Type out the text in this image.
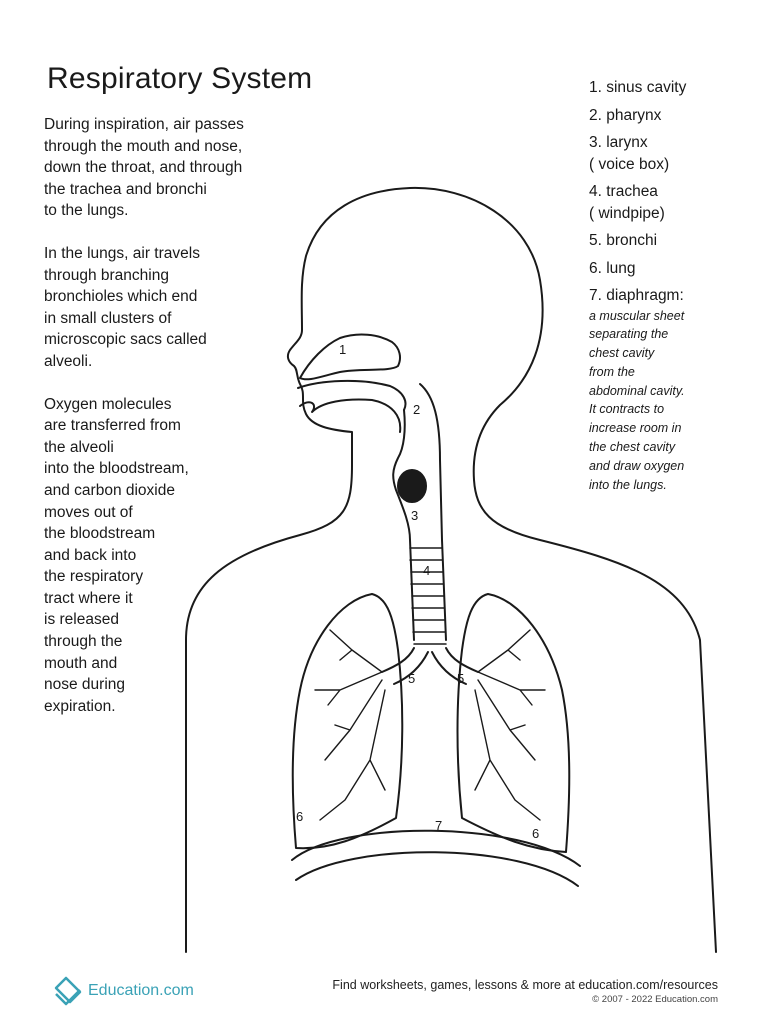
Respiratory System

During inspiration, air passes
through the mouth and nose,
down the throat, and through
the trachea and bronchi
to the lungs.

In the lungs, air travels
through branching
bronchioles which end
in small clusters of
microscopic sacs called
alveoli.

Oxygen molecules
are transferred from
the alveoli
into the bloodstream,
and carbon dioxide
moves out of
the bloodstream
and back into
the respiratory
tract where it
is released
through the
mouth and
nose during
expiration.

1. sinus cavity
2. pharynx
3. larynx
( voice box)
4. trachea
( windpipe)
5. bronchi
6. lung
7. diaphragm:
a muscular sheet
separating the
chest cavity
from the
abdominal cavity.
It contracts to
increase room in
the chest cavity
and draw oxygen
into the lungs.
1
2
3
4
5	5
6
6
7
Education.com	Find worksheets, games, lessons & more at education.com/resources
© 2007 - 2022 Education.com
